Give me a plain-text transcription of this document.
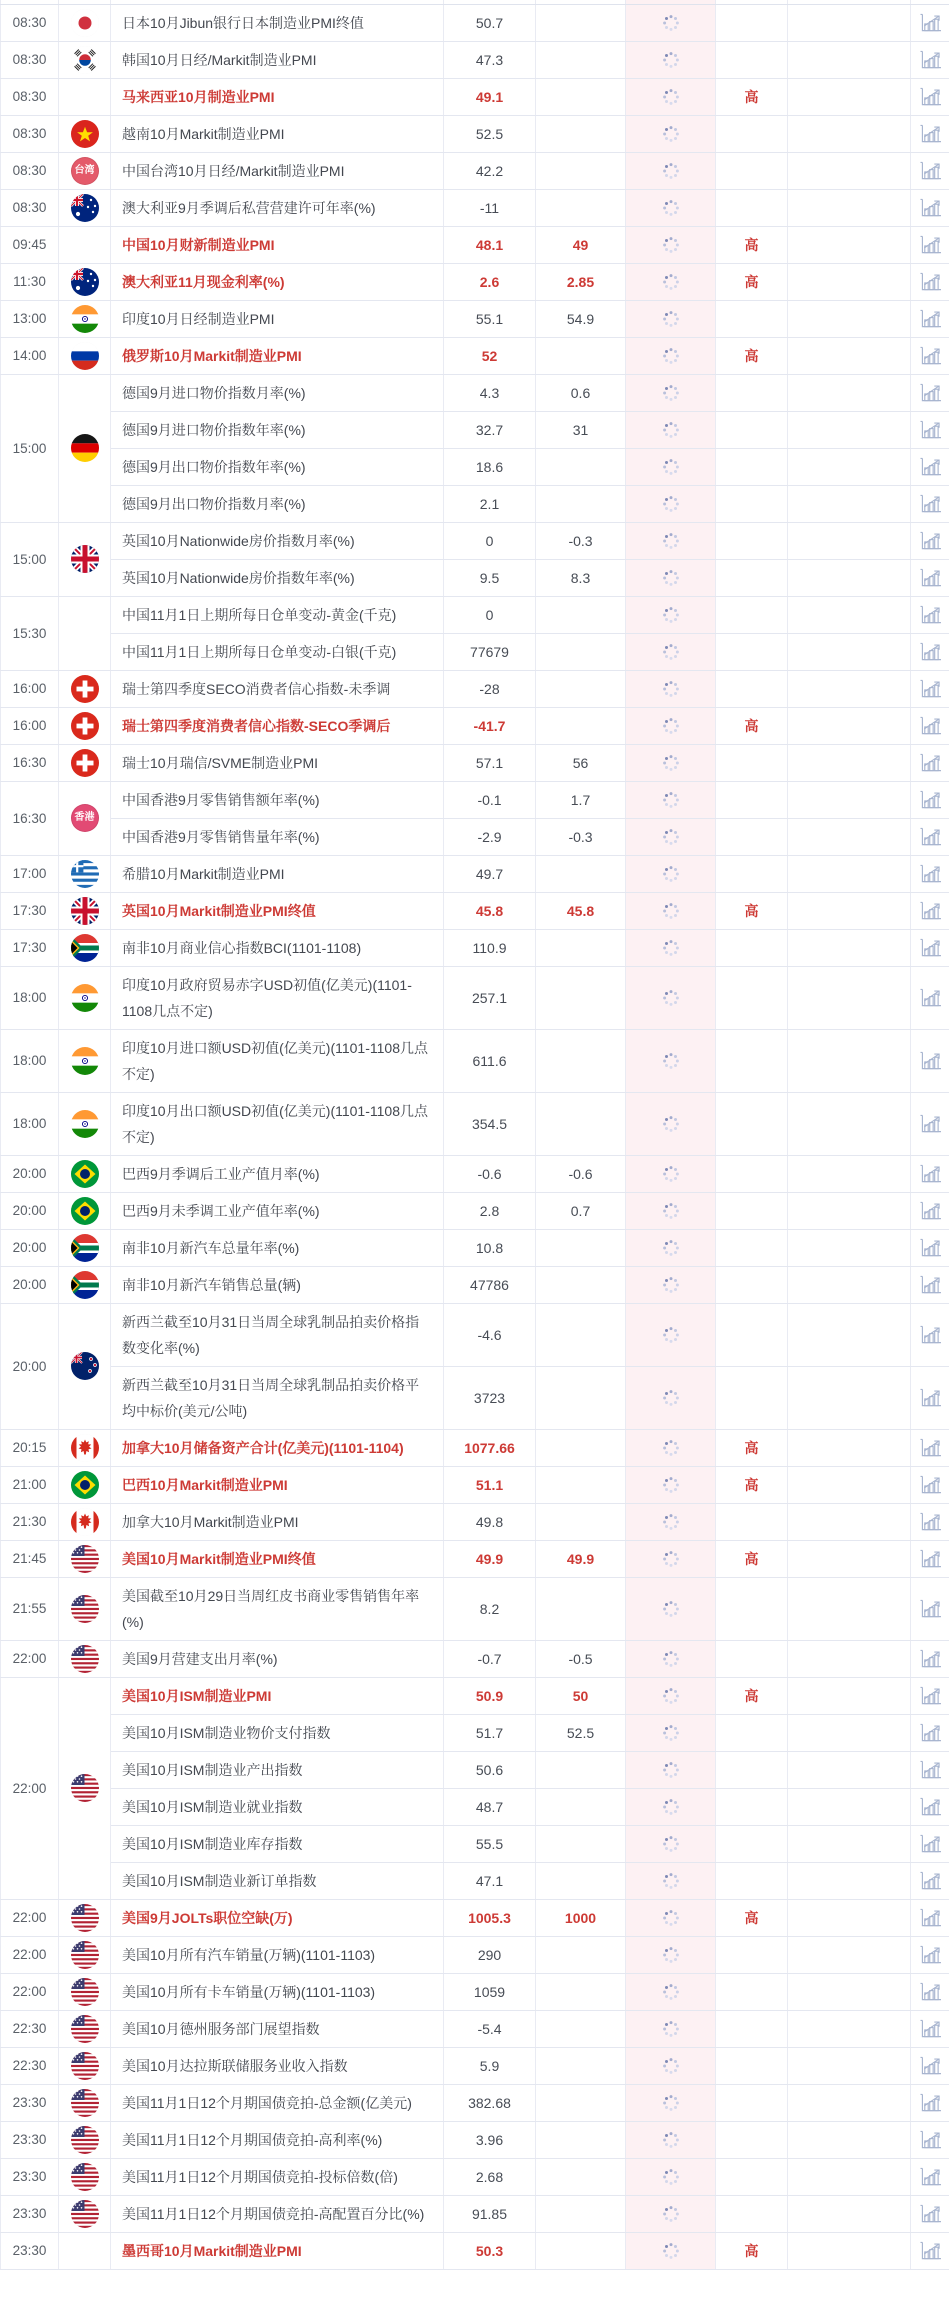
08:30		日本10月Jibun银行日本制造业PMI终值	50.7					
08:30		韩国10月日经/Markit制造业PMI	47.3					
08:30		马来西亚10月制造业PMI	49.1			高		
08:30		越南10月Markit制造业PMI	52.5					
08:30	台湾	中国台湾10月日经/Markit制造业PMI	42.2					
08:30		澳大利亚9月季调后私营营建许可年率(%)	-11					
09:45		中国10月财新制造业PMI	48.1	49		高		
11:30		澳大利亚11月现金利率(%)	2.6	2.85		高		
13:00		印度10月日经制造业PMI	55.1	54.9				
14:00		俄罗斯10月Markit制造业PMI	52			高		
15:00		德国9月进口物价指数月率(%)	4.3	0.6				
		德国9月进口物价指数年率(%)	32.7	31				
		德国9月出口物价指数年率(%)	18.6					
		德国9月出口物价指数月率(%)	2.1					
15:00		英国10月Nationwide房价指数月率(%)	0	-0.3				
		英国10月Nationwide房价指数年率(%)	9.5	8.3				
15:30		中国11月1日上期所每日仓单变动-黄金(千克)	0					
		中国11月1日上期所每日仓单变动-白银(千克)	77679					
16:00		瑞士第四季度SECO消费者信心指数-未季调	-28					
16:00		瑞士第四季度消费者信心指数-SECO季调后	-41.7			高		
16:30		瑞士10月瑞信/SVME制造业PMI	57.1	56				
16:30	香港	中国香港9月零售销售额年率(%)	-0.1	1.7				
		中国香港9月零售销售量年率(%)	-2.9	-0.3				
17:00		希腊10月Markit制造业PMI	49.7					
17:30		英国10月Markit制造业PMI终值	45.8	45.8		高		
17:30		南非10月商业信心指数BCI(1101-1108)	110.9					
18:00		印度10月政府贸易赤字USD初值(亿美元)(1101-1108几点不定)	257.1					
18:00		印度10月进口额USD初值(亿美元)(1101-1108几点不定)	611.6					
18:00		印度10月出口额USD初值(亿美元)(1101-1108几点不定)	354.5					
20:00		巴西9月季调后工业产值月率(%)	-0.6	-0.6				
20:00		巴西9月未季调工业产值年率(%)	2.8	0.7				
20:00		南非10月新汽车总量年率(%)	10.8					
20:00		南非10月新汽车销售总量(辆)	47786					
20:00		新西兰截至10月31日当周全球乳制品拍卖价格指数变化率(%)	-4.6					
		新西兰截至10月31日当周全球乳制品拍卖价格平均中标价(美元/公吨)	3723					
20:15		加拿大10月储备资产合计(亿美元)(1101-1104)	1077.66			高		
21:00		巴西10月Markit制造业PMI	51.1			高		
21:30		加拿大10月Markit制造业PMI	49.8					
21:45		美国10月Markit制造业PMI终值	49.9	49.9		高		
21:55		美国截至10月29日当周红皮书商业零售销售年率(%)	8.2					
22:00		美国9月营建支出月率(%)	-0.7	-0.5				
22:00		美国10月ISM制造业PMI	50.9	50		高		
		美国10月ISM制造业物价支付指数	51.7	52.5				
		美国10月ISM制造业产出指数	50.6					
		美国10月ISM制造业就业指数	48.7					
		美国10月ISM制造业库存指数	55.5					
		美国10月ISM制造业新订单指数	47.1					
22:00		美国9月JOLTs职位空缺(万)	1005.3	1000		高		
22:00		美国10月所有汽车销量(万辆)(1101-1103)	290					
22:00		美国10月所有卡车销量(万辆)(1101-1103)	1059					
22:30		美国10月德州服务部门展望指数	-5.4					
22:30		美国10月达拉斯联储服务业收入指数	5.9					
23:30		美国11月1日12个月期国债竞拍-总金额(亿美元)	382.68					
23:30		美国11月1日12个月期国债竞拍-高利率(%)	3.96					
23:30		美国11月1日12个月期国债竞拍-投标倍数(倍)	2.68					
23:30		美国11月1日12个月期国债竞拍-高配置百分比(%)	91.85					
23:30		墨西哥10月Markit制造业PMI	50.3			高		
